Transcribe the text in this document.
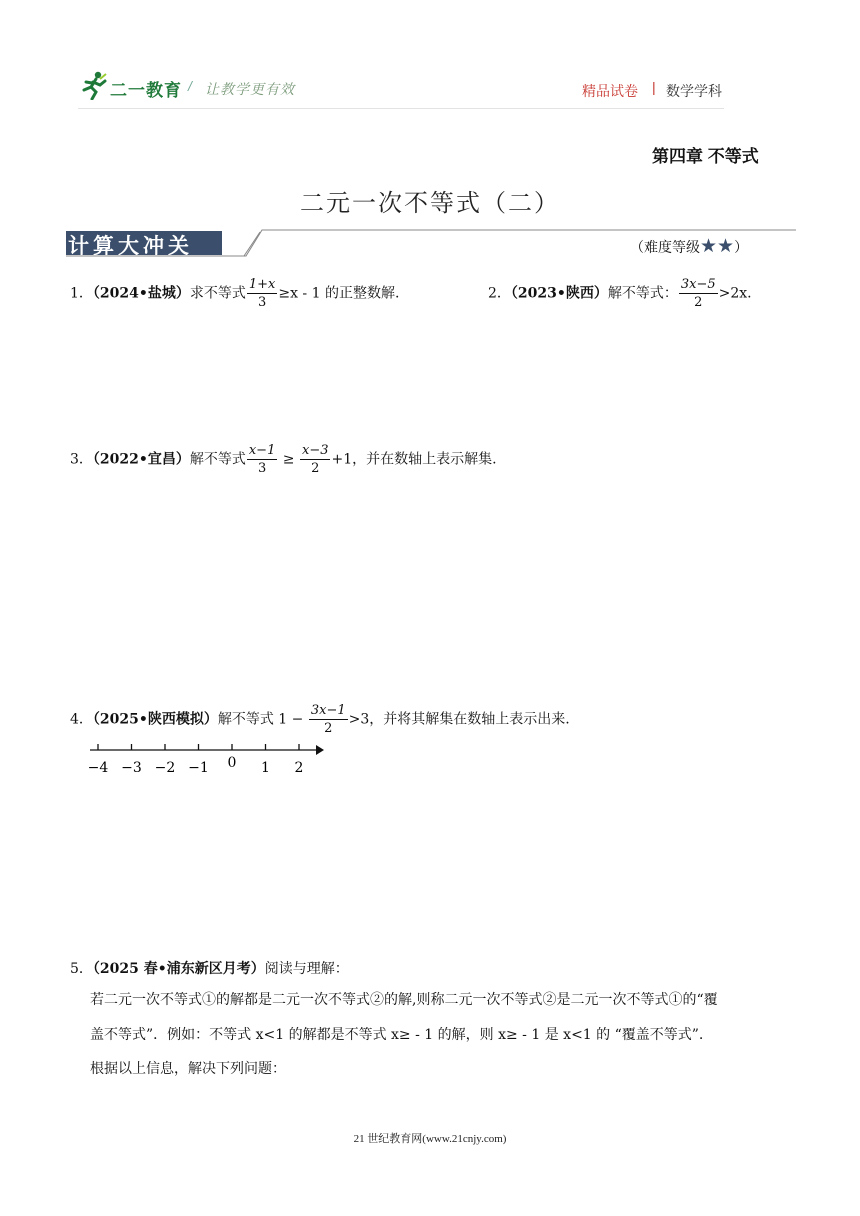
二一教育 / 让教学更有效	精品试卷 | 数学学科
第四章 不等式
二元一次不等式（二）
计算大冲关	（难度等级★★）
1．（2024•盐城）求不等式 $\frac{1+x}{3} \ge x - 1$ 的正整数解.	2．（2023•陕西）解不等式： $\frac{3x-5}{2} >2x$.
3．（2022•宜昌）解不等式 $\frac{x-1}{3} \ge \frac{x-3}{2} +1$，并在数轴上表示解集.
4．（2025•陕西模拟）解不等式 $1 - \frac{3x-1}{2} >3$，并将其解集在数轴上表示出来.
−4 −3 −2 −1 0 1 2
5．（2025 春•浦东新区月考）阅读与理解：
若二元一次不等式①的解都是二元一次不等式②的解,则称二元一次不等式②是二元一次不等式①的“覆
盖不等式”．例如：不等式 x<1 的解都是不等式 x≥ - 1 的解，则 x≥ - 1 是 x<1 的 “覆盖不等式”.
根据以上信息，解决下列问题：
21 世纪教育网(www.21cnjy.com)
